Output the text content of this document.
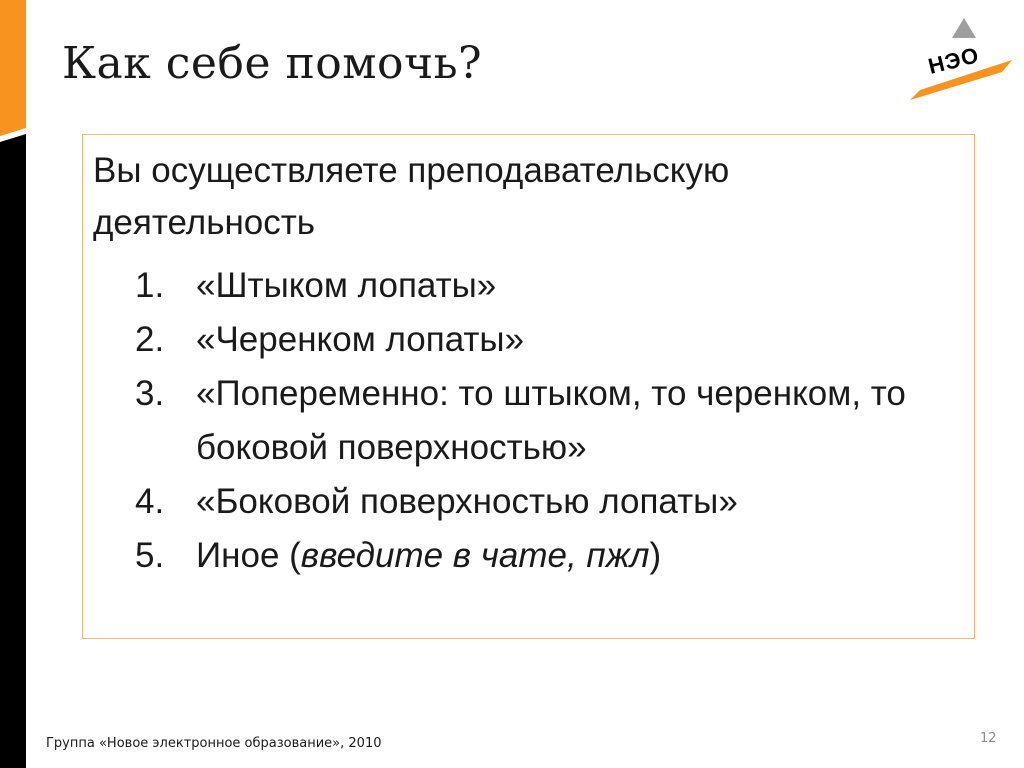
Как себе помочь?	НЭО
Вы осуществляете преподавательскую деятельность
1. «Штыком лопаты»
2. «Черенком лопаты»
3. «Попеременно: то штыком, то черенком, то боковой поверхностью»
4. «Боковой поверхностью лопаты»
5. Иное (введите в чате, пжл)
Группа «Новое электронное образование», 2010	12
